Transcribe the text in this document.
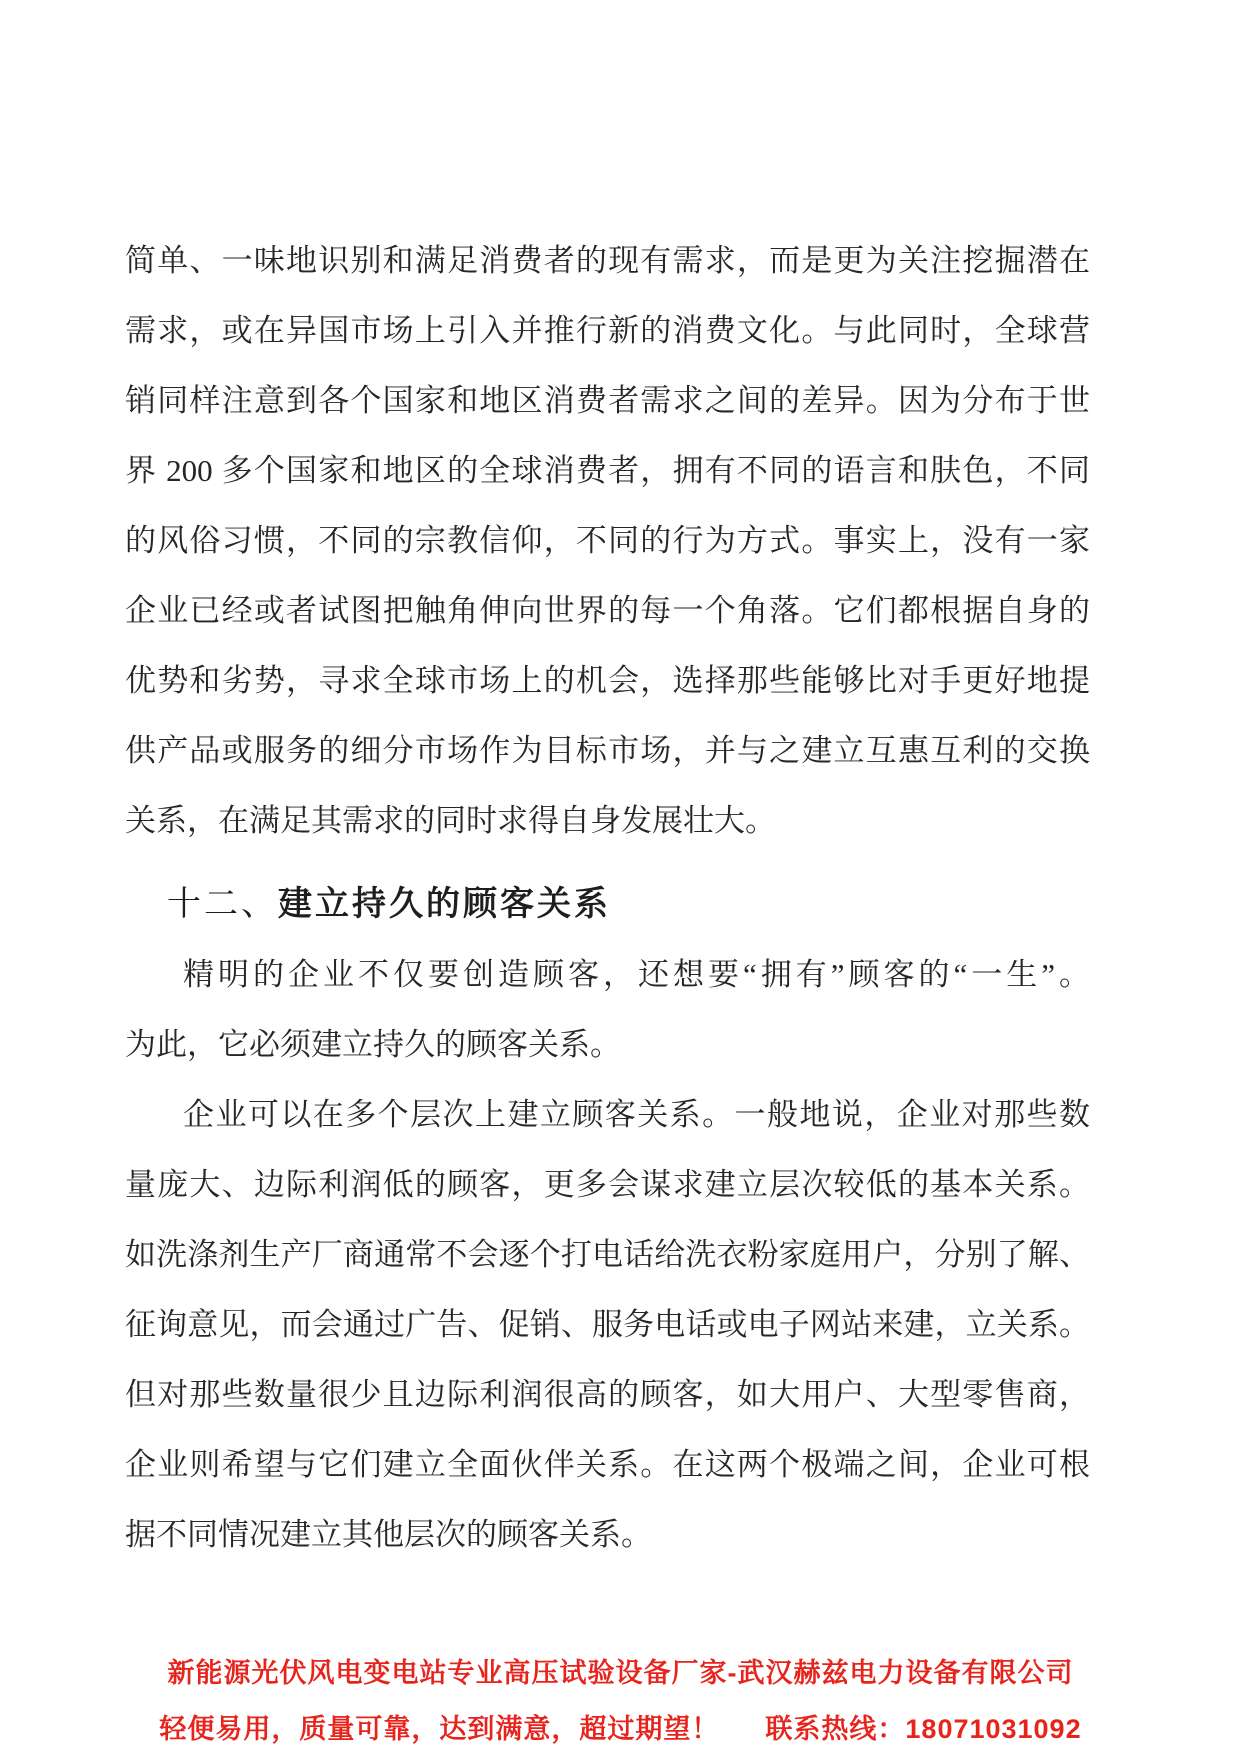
简单、一味地识别和满足消费者的现有需求，而是更为关注挖掘潜在
需求，或在异国市场上引入并推行新的消费文化。与此同时，全球营
销同样注意到各个国家和地区消费者需求之间的差异。因为分布于世
界 200 多个国家和地区的全球消费者，拥有不同的语言和肤色，不同
的风俗习惯，不同的宗教信仰，不同的行为方式。事实上，没有一家
企业已经或者试图把触角伸向世界的每一个角落。它们都根据自身的
优势和劣势，寻求全球市场上的机会，选择那些能够比对手更好地提
供产品或服务的细分市场作为目标市场，并与之建立互惠互利的交换
关系，在满足其需求的同时求得自身发展壮大。
十二、建立持久的顾客关系
精明的企业不仅要创造顾客，还想要“拥有”顾客的“一生”。
为此，它必须建立持久的顾客关系。
企业可以在多个层次上建立顾客关系。一般地说，企业对那些数
量庞大、边际利润低的顾客，更多会谋求建立层次较低的基本关系。
如洗涤剂生产厂商通常不会逐个打电话给洗衣粉家庭用户，分别了解、
征询意见，而会通过广告、促销、服务电话或电子网站来建，立关系。
但对那些数量很少且边际利润很高的顾客，如大用户、大型零售商，
企业则希望与它们建立全面伙伴关系。在这两个极端之间，企业可根
据不同情况建立其他层次的顾客关系。
新能源光伏风电变电站专业高压试验设备厂家-武汉赫兹电力设备有限公司
轻便易用，质量可靠，达到满意，超过期望！ 联系热线：18071031092
